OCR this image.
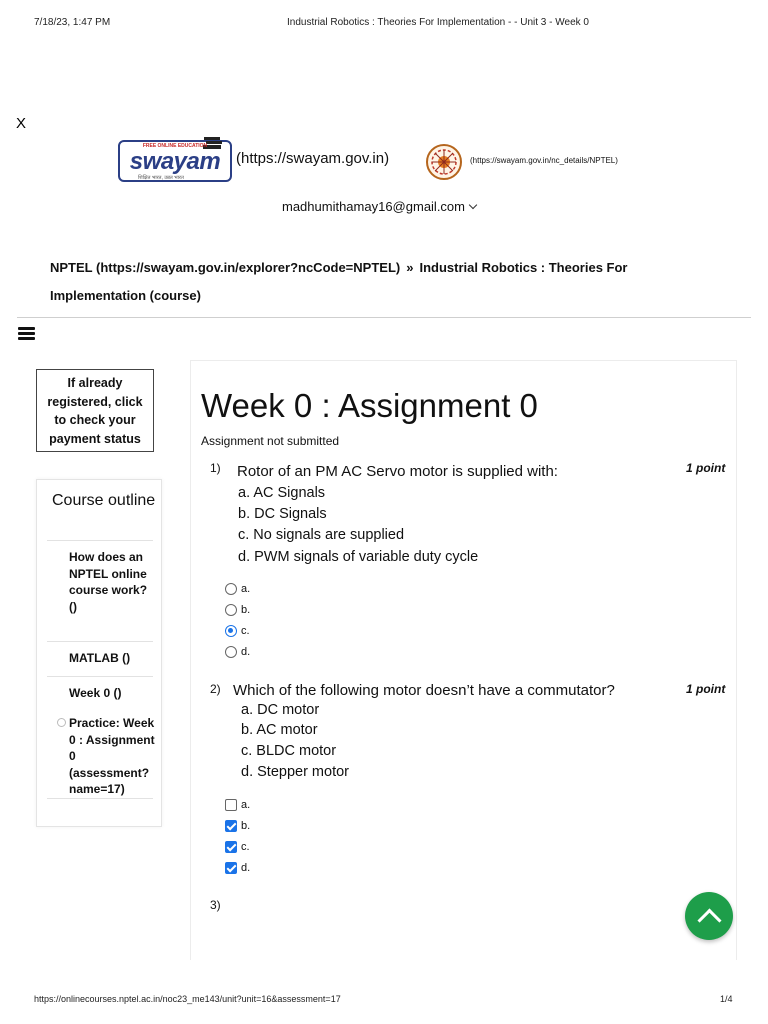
7/18/23, 1:47 PM	Industrial Robotics : Theories For Implementation - - Unit 3 - Week 0
https://onlinecourses.nptel.ac.in/noc23_me143/unit?unit=16&assessment=17	1/4
X
FREE ONLINE EDUCATION
swayam
शिक्षित भारत, उन्नत भारत
(https://swayam.gov.in)	(https://swayam.gov.in/nc_details/NPTEL)
madhumithamay16@gmail.com
NPTEL (https://swayam.gov.in/explorer?ncCode=NPTEL) » Industrial Robotics : Theories For Implementation (course)
If already registered, click to check your payment status
Course outline
How does an NPTEL online course work? ()
MATLAB ()
Week 0 ()
Practice: Week 0 : Assignment 0 (assessment?name=17)
Week 0 : Assignment 0
Assignment not submitted
1)	1 point
Rotor of an PM AC Servo motor is supplied with:
a. AC Signals
b. DC Signals
c. No signals are supplied
d. PWM signals of variable duty cycle
a.
b.
c.
d.
2)	1 point
Which of the following motor doesn’t have a commutator?
a. DC motor
b. AC motor
c. BLDC motor
d. Stepper motor
a.
b.
c.
d.
3)
